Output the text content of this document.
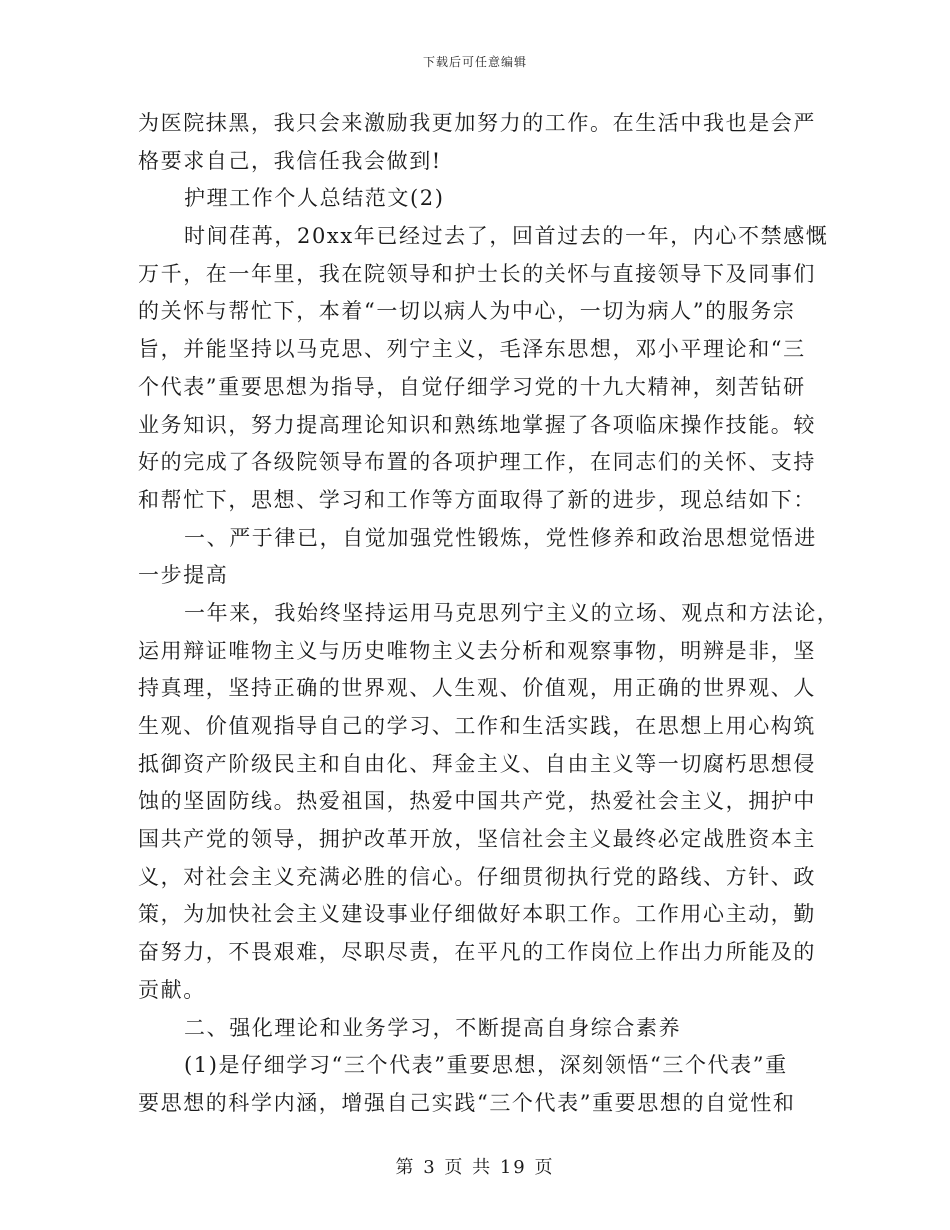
下载后可任意编辑
为医院抹黑，我只会来激励我更加努力的工作。在生活中我也是会严
格要求自己，我信任我会做到!
护理工作个人总结范文(2)
时间荏苒，20xx年已经过去了，回首过去的一年，内心不禁感慨
万千，在一年里，我在院领导和护士长的关怀与直接领导下及同事们
的关怀与帮忙下，本着“一切以病人为中心，一切为病人”的服务宗
旨，并能坚持以马克思、列宁主义，毛泽东思想，邓小平理论和“三
个代表”重要思想为指导，自觉仔细学习党的十九大精神，刻苦钻研
业务知识，努力提高理论知识和熟练地掌握了各项临床操作技能。较
好的完成了各级院领导布置的各项护理工作，在同志们的关怀、支持
和帮忙下，思想、学习和工作等方面取得了新的进步，现总结如下：
一、严于律已，自觉加强党性锻炼，党性修养和政治思想觉悟进
一步提高
一年来，我始终坚持运用马克思列宁主义的立场、观点和方法论，
运用辩证唯物主义与历史唯物主义去分析和观察事物，明辨是非，坚
持真理，坚持正确的世界观、人生观、价值观，用正确的世界观、人
生观、价值观指导自己的学习、工作和生活实践，在思想上用心构筑
抵御资产阶级民主和自由化、拜金主义、自由主义等一切腐朽思想侵
蚀的坚固防线。热爱祖国，热爱中国共产党，热爱社会主义，拥护中
国共产党的领导，拥护改革开放，坚信社会主义最终必定战胜资本主
义，对社会主义充满必胜的信心。仔细贯彻执行党的路线、方针、政
策，为加快社会主义建设事业仔细做好本职工作。工作用心主动，勤
奋努力，不畏艰难，尽职尽责，在平凡的工作岗位上作出力所能及的
贡献。
二、强化理论和业务学习，不断提高自身综合素养
(1)是仔细学习“三个代表”重要思想，深刻领悟“三个代表”重
要思想的科学内涵，增强自己实践“三个代表”重要思想的自觉性和
第 3 页 共 19 页
